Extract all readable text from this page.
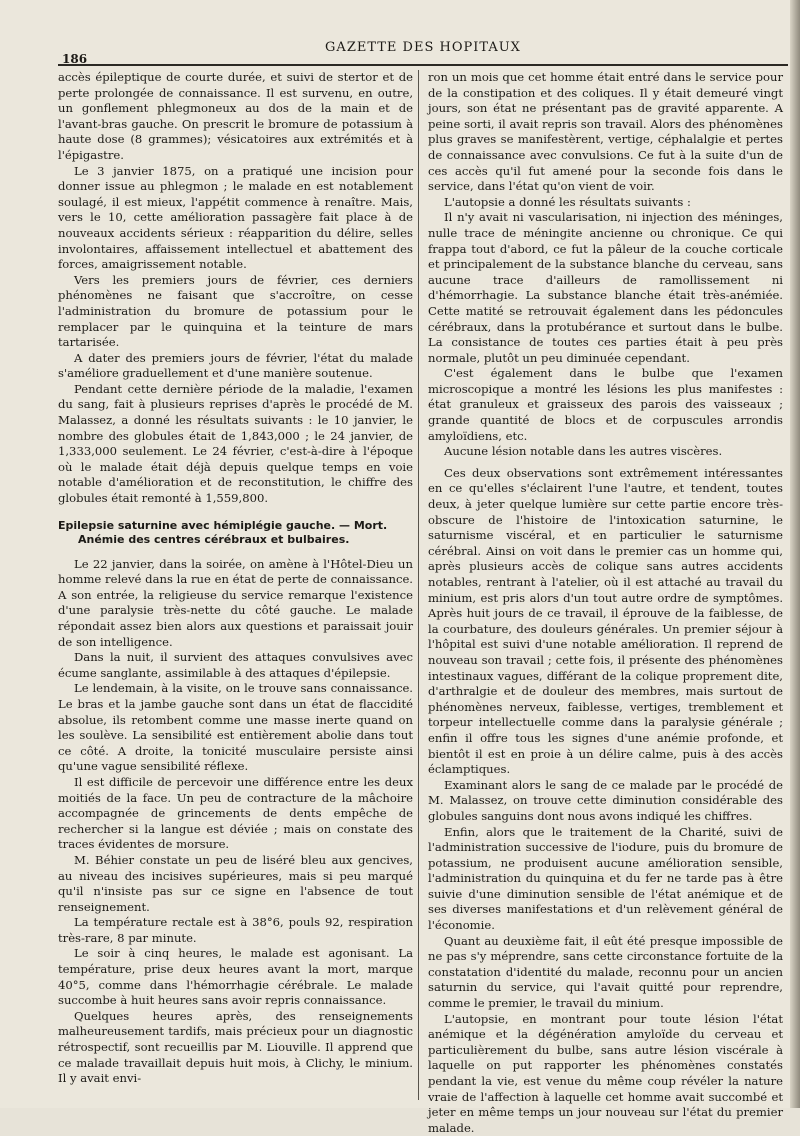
186
GAZETTE DES HOPITAUX

accès épileptique de courte durée, et suivi de stertor et de perte prolongée de connaissance. Il est survenu, en outre, un gonflement phlegmoneux au dos de la main et de l'avant-bras gauche. On prescrit le bromure de potassium à haute dose (8 grammes); vésicatoires aux extrémités et à l'épigastre.

Le 3 janvier 1875, on a pratiqué une incision pour donner issue au phlegmon ; le malade en est notablement soulagé, il est mieux, l'appétit commence à renaître. Mais, vers le 10, cette amélioration passagère fait place à de nouveaux accidents sérieux : réapparition du délire, selles involontaires, affaissement intellectuel et abattement des forces, amaigrissement notable.

Vers les premiers jours de février, ces derniers phénomènes ne faisant que s'accroître, on cesse l'administration du bromure de potassium pour le remplacer par le quinquina et la teinture de mars tartarisée.

A dater des premiers jours de février, l'état du malade s'améliore graduellement et d'une manière soutenue.

Pendant cette dernière période de la maladie, l'examen du sang, fait à plusieurs reprises d'après le procédé de M. Malassez, a donné les résultats suivants : le 10 janvier, le nombre des globules était de 1,843,000 ; le 24 janvier, de 1,333,000 seulement. Le 24 février, c'est-à-dire à l'époque où le malade était déjà depuis quelque temps en voie notable d'amélioration et de reconstitution, le chiffre des globules était remonté à 1,559,800.

Epilepsie saturnine avec hémiplégie gauche. — Mort.
Anémie des centres cérébraux et bulbaires.

Le 22 janvier, dans la soirée, on amène à l'Hôtel-Dieu un homme relevé dans la rue en état de perte de connaissance. A son entrée, la religieuse du service remarque l'existence d'une paralysie très-nette du côté gauche. Le malade répondait assez bien alors aux questions et paraissait jouir de son intelligence.

Dans la nuit, il survient des attaques convulsives avec écume sanglante, assimilable à des attaques d'épilepsie.

Le lendemain, à la visite, on le trouve sans connaissance. Le bras et la jambe gauche sont dans un état de flaccidité absolue, ils retombent comme une masse inerte quand on les soulève. La sensibilité est entièrement abolie dans tout ce côté. A droite, la tonicité musculaire persiste ainsi qu'une vague sensibilité réflexe.

Il est difficile de percevoir une différence entre les deux moitiés de la face. Un peu de contracture de la mâchoire accompagnée de grincements de dents empêche de rechercher si la langue est déviée ; mais on constate des traces évidentes de morsure.

M. Béhier constate un peu de liséré bleu aux gencives, au niveau des incisives supérieures, mais si peu marqué qu'il n'insiste pas sur ce signe en l'absence de tout renseignement.

La température rectale est à 38°6, pouls 92, respiration très-rare, 8 par minute.

Le soir à cinq heures, le malade est agonisant. La température, prise deux heures avant la mort, marque 40°5, comme dans l'hémorrhagie cérébrale. Le malade succombe à huit heures sans avoir repris connaissance.

Quelques heures après, des renseignements malheureusement tardifs, mais précieux pour un diagnostic rétrospectif, sont recueillis par M. Liouville. Il apprend que ce malade travaillait depuis huit mois, à Clichy, le minium. Il y avait envi-

ron un mois que cet homme était entré dans le service pour de la constipation et des coliques. Il y était demeuré vingt jours, son état ne présentant pas de gravité apparente. A peine sorti, il avait repris son travail. Alors des phénomènes plus graves se manifestèrent, vertige, céphalalgie et pertes de connaissance avec convulsions. Ce fut à la suite d'un de ces accès qu'il fut amené pour la seconde fois dans le service, dans l'état qu'on vient de voir.

L'autopsie a donné les résultats suivants :

Il n'y avait ni vascularisation, ni injection des méninges, nulle trace de méningite ancienne ou chronique. Ce qui frappa tout d'abord, ce fut la pâleur de la couche corticale et principalement de la substance blanche du cerveau, sans aucune trace d'ailleurs de ramollissement ni d'hémorrhagie. La substance blanche était très-anémiée. Cette matité se retrouvait également dans les pédoncules cérébraux, dans la protubérance et surtout dans le bulbe. La consistance de toutes ces parties était à peu près normale, plutôt un peu diminuée cependant.

C'est également dans le bulbe que l'examen microscopique a montré les lésions les plus manifestes : état granuleux et graisseux des parois des vaisseaux ; grande quantité de blocs et de corpuscules arrondis amyloïdiens, etc.

Aucune lésion notable dans les autres viscères.

Ces deux observations sont extrêmement intéressantes en ce qu'elles s'éclairent l'une l'autre, et tendent, toutes deux, à jeter quelque lumière sur cette partie encore très-obscure de l'histoire de l'intoxication saturnine, le saturnisme viscéral, et en particulier le saturnisme cérébral. Ainsi on voit dans le premier cas un homme qui, après plusieurs accès de colique sans autres accidents notables, rentrant à l'atelier, où il est attaché au travail du minium, est pris alors d'un tout autre ordre de symptômes. Après huit jours de ce travail, il éprouve de la faiblesse, de la courbature, des douleurs générales. Un premier séjour à l'hôpital est suivi d'une notable amélioration. Il reprend de nouveau son travail ; cette fois, il présente des phénomènes intestinaux vagues, différant de la colique proprement dite, d'arthralgie et de douleur des membres, mais surtout de phénomènes nerveux, faiblesse, vertiges, tremblement et torpeur intellectuelle comme dans la paralysie générale ; enfin il offre tous les signes d'une anémie profonde, et bientôt il est en proie à un délire calme, puis à des accès éclamptiques.

Examinant alors le sang de ce malade par le procédé de M. Malassez, on trouve cette diminution considérable des globules sanguins dont nous avons indiqué les chiffres.

Enfin, alors que le traitement de la Charité, suivi de l'administration successive de l'iodure, puis du bromure de potassium, ne produisent aucune amélioration sensible, l'administration du quinquina et du fer ne tarde pas à être suivie d'une diminution sensible de l'état anémique et de ses diverses manifestations et d'un relèvement général de l'économie.

Quant au deuxième fait, il eût été presque impossible de ne pas s'y méprendre, sans cette circonstance fortuite de la constatation d'identité du malade, reconnu pour un ancien saturnin du service, qui l'avait quitté pour reprendre, comme le premier, le travail du minium.

L'autopsie, en montrant pour toute lésion l'état anémique et la dégénération amyloïde du cerveau et particulièrement du bulbe, sans autre lésion viscérale à laquelle on put rapporter les phénomènes constatés pendant la vie, est venue du même coup révéler la nature vraie de l'affection à laquelle cet homme avait succombé et jeter en même temps un jour nouveau sur l'état du premier malade.
